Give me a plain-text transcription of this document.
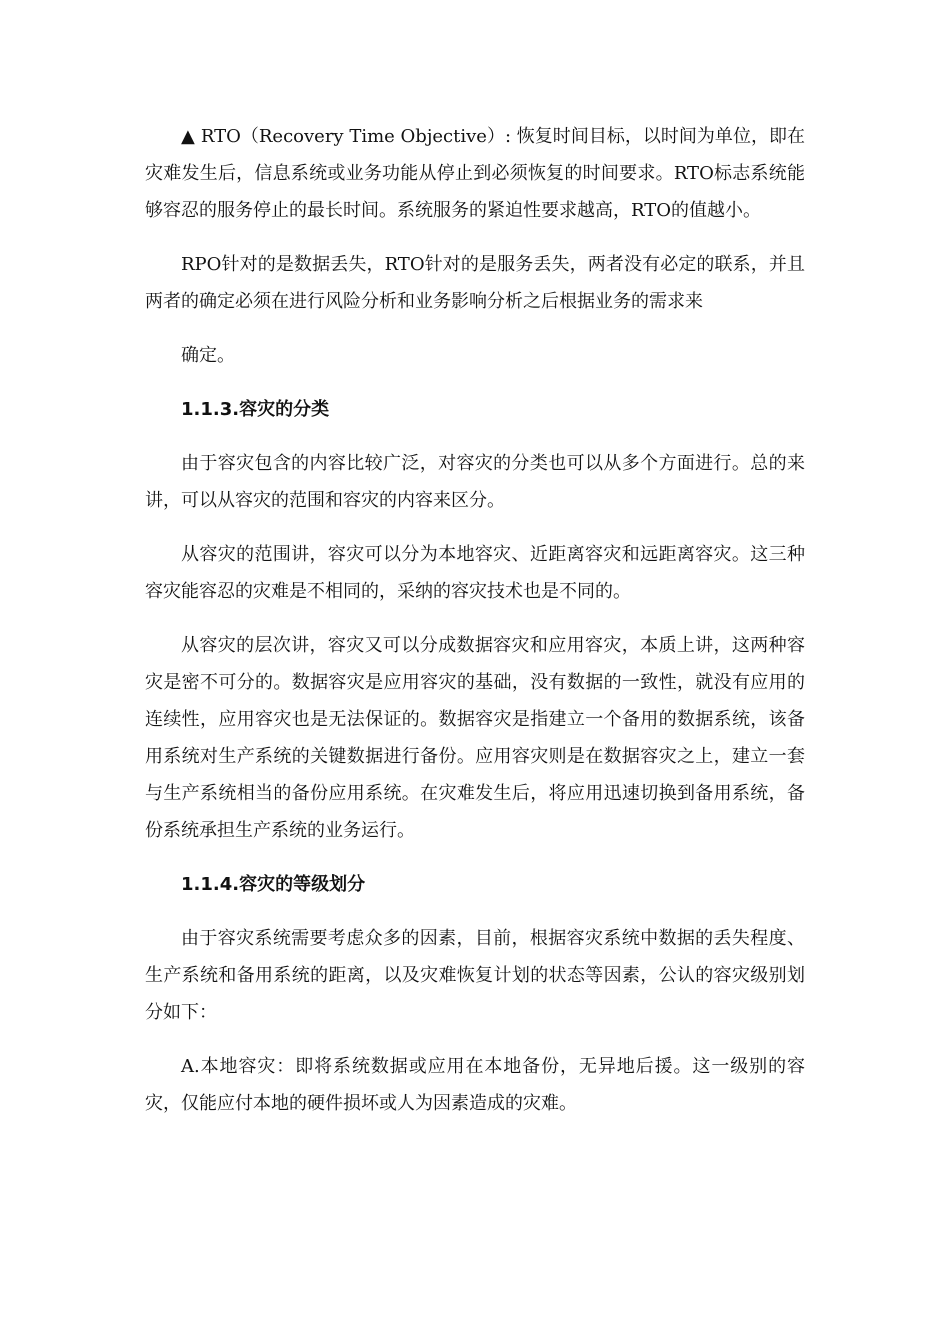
▲ RTO（Recovery Time Objective）: 恢复时间目标，以时间为单位，即在灾难发生后，信息系统或业务功能从停止到必须恢复的时间要求。RTO标志系统能够容忍的服务停止的最长时间。系统服务的紧迫性要求越高，RTO的值越小。

RPO针对的是数据丢失，RTO针对的是服务丢失，两者没有必定的联系，并且两者的确定必须在进行风险分析和业务影响分析之后根据业务的需求来

确定。

1.1.3.容灾的分类

由于容灾包含的内容比较广泛，对容灾的分类也可以从多个方面进行。总的来讲，可以从容灾的范围和容灾的内容来区分。

从容灾的范围讲，容灾可以分为本地容灾、近距离容灾和远距离容灾。这三种容灾能容忍的灾难是不相同的，采纳的容灾技术也是不同的。

从容灾的层次讲，容灾又可以分成数据容灾和应用容灾，本质上讲，这两种容灾是密不可分的。数据容灾是应用容灾的基础，没有数据的一致性，就没有应用的连续性，应用容灾也是无法保证的。数据容灾是指建立一个备用的数据系统，该备用系统对生产系统的关键数据进行备份。应用容灾则是在数据容灾之上，建立一套与生产系统相当的备份应用系统。在灾难发生后，将应用迅速切换到备用系统，备份系统承担生产系统的业务运行。

1.1.4.容灾的等级划分

由于容灾系统需要考虑众多的因素，目前，根据容灾系统中数据的丢失程度、生产系统和备用系统的距离，以及灾难恢复计划的状态等因素，公认的容灾级别划分如下：

A.本地容灾：即将系统数据或应用在本地备份，无异地后援。这一级别的容灾，仅能应付本地的硬件损坏或人为因素造成的灾难。
